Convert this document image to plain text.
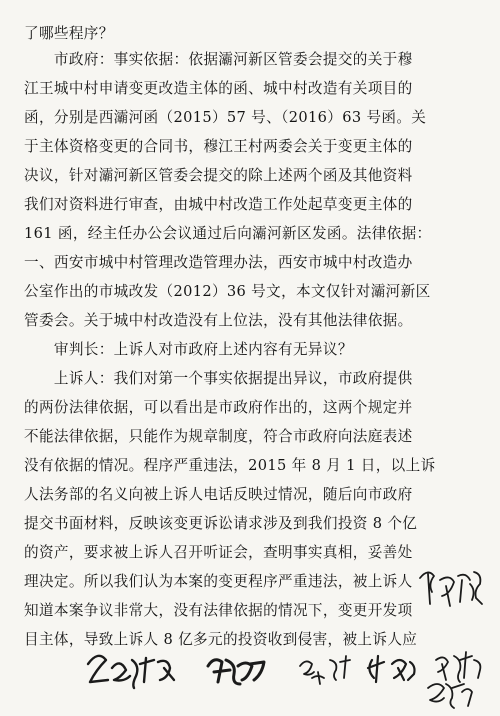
了哪些程序？
　　市政府：事实依据：依据灞河新区管委会提交的关于穆
江王城中村申请变更改造主体的函、城中村改造有关项目的
函，分别是西灞河函（2015）57 号、（2016）63 号函。关
于主体资格变更的合同书，穆江王村两委会关于变更主体的
决议，针对灞河新区管委会提交的除上述两个函及其他资料
我们对资料进行审查，由城中村改造工作处起草变更主体的
161 函，经主任办公会议通过后向灞河新区发函。法律依据：
一、西安市城中村管理改造管理办法，西安市城中村改造办
公室作出的市城改发（2012）36 号文，本文仅针对灞河新区
管委会。关于城中村改造没有上位法，没有其他法律依据。
　　审判长：上诉人对市政府上述内容有无异议？
　　上诉人：我们对第一个事实依据提出异议，市政府提供
的两份法律依据，可以看出是市政府作出的，这两个规定并
不能法律依据，只能作为规章制度，符合市政府向法庭表述
没有依据的情况。程序严重违法，2015 年 8 月 1 日，以上诉
人法务部的名义向被上诉人电话反映过情况，随后向市政府
提交书面材料，反映该变更诉讼请求涉及到我们投资 8 个亿
的资产，要求被上诉人召开听证会，查明事实真相，妥善处
理决定。所以我们认为本案的变更程序严重违法，被上诉人
知道本案争议非常大，没有法律依据的情况下，变更开发项
目主体，导致上诉人 8 亿多元的投资收到侵害，被上诉人应
